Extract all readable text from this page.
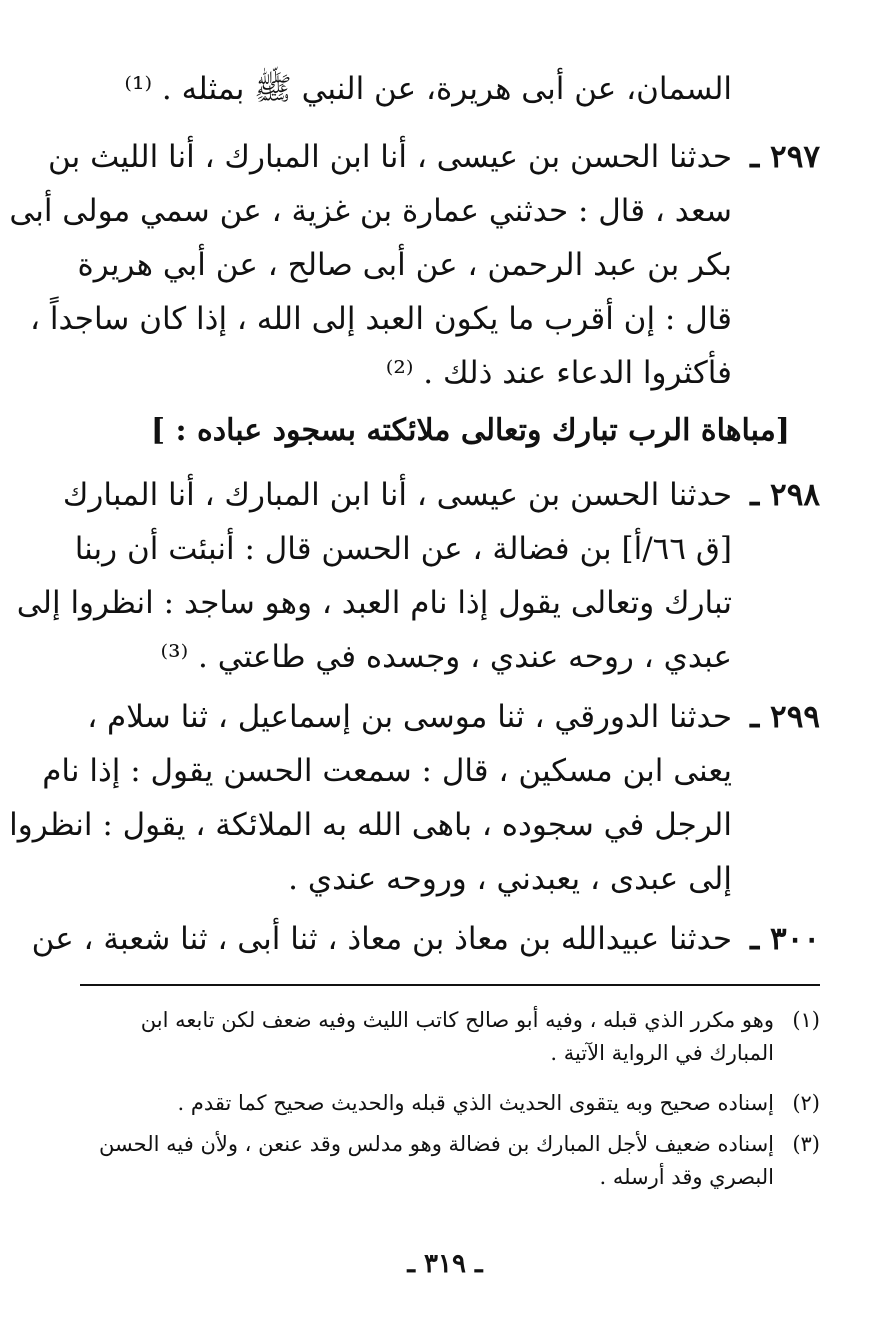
السمان، عن أبى هريرة، عن النبي ﷺ بمثله . ⁽¹⁾
٢٩٧ ـ
حدثنا الحسن بن عيسى ، أنا ابن المبارك ، أنا الليث بن
سعد ، قال : حدثني عمارة بن غزية ، عن سمي مولى أبى
بكر بن عبد الرحمن ، عن أبى صالح ، عن أبي هريرة
قال : إن أقرب ما يكون العبد إلى الله ، إذا كان ساجداً ،
فأكثروا الدعاء عند ذلك . ⁽²⁾
[مباهاة الرب تبارك وتعالى ملائكته بسجود عباده : ]
٢٩٨ ـ
حدثنا الحسن بن عيسى ، أنا ابن المبارك ، أنا المبارك
[ق ٦٦/أ] بن فضالة ، عن الحسن قال : أنبئت أن ربنا
تبارك وتعالى يقول إذا نام العبد ، وهو ساجد : انظروا إلى
عبدي ، روحه عندي ، وجسده في طاعتي . ⁽³⁾
٢٩٩ ـ
حدثنا الدورقي ، ثنا موسى بن إسماعيل ، ثنا سلام ،
يعنى ابن مسكين ، قال : سمعت الحسن يقول : إذا نام
الرجل في سجوده ، باهى الله به الملائكة ، يقول : انظروا
إلى عبدى ، يعبدني ، وروحه عندي .
٣٠٠ ـ
حدثنا عبيدالله بن معاذ بن معاذ ، ثنا أبى ، ثنا شعبة ، عن
(١)وهو مكرر الذي قبله ، وفيه أبو صالح كاتب الليث وفيه ضعف لكن تابعه ابن
المبارك في الرواية الآتية .
(٢)إسناده صحيح وبه يتقوى الحديث الذي قبله والحديث صحيح كما تقدم .
(٣)إسناده ضعيف لأجل المبارك بن فضالة وهو مدلس وقد عنعن ، ولأن فيه الحسن
البصري وقد أرسله .
ـ ٣١٩ ـ
